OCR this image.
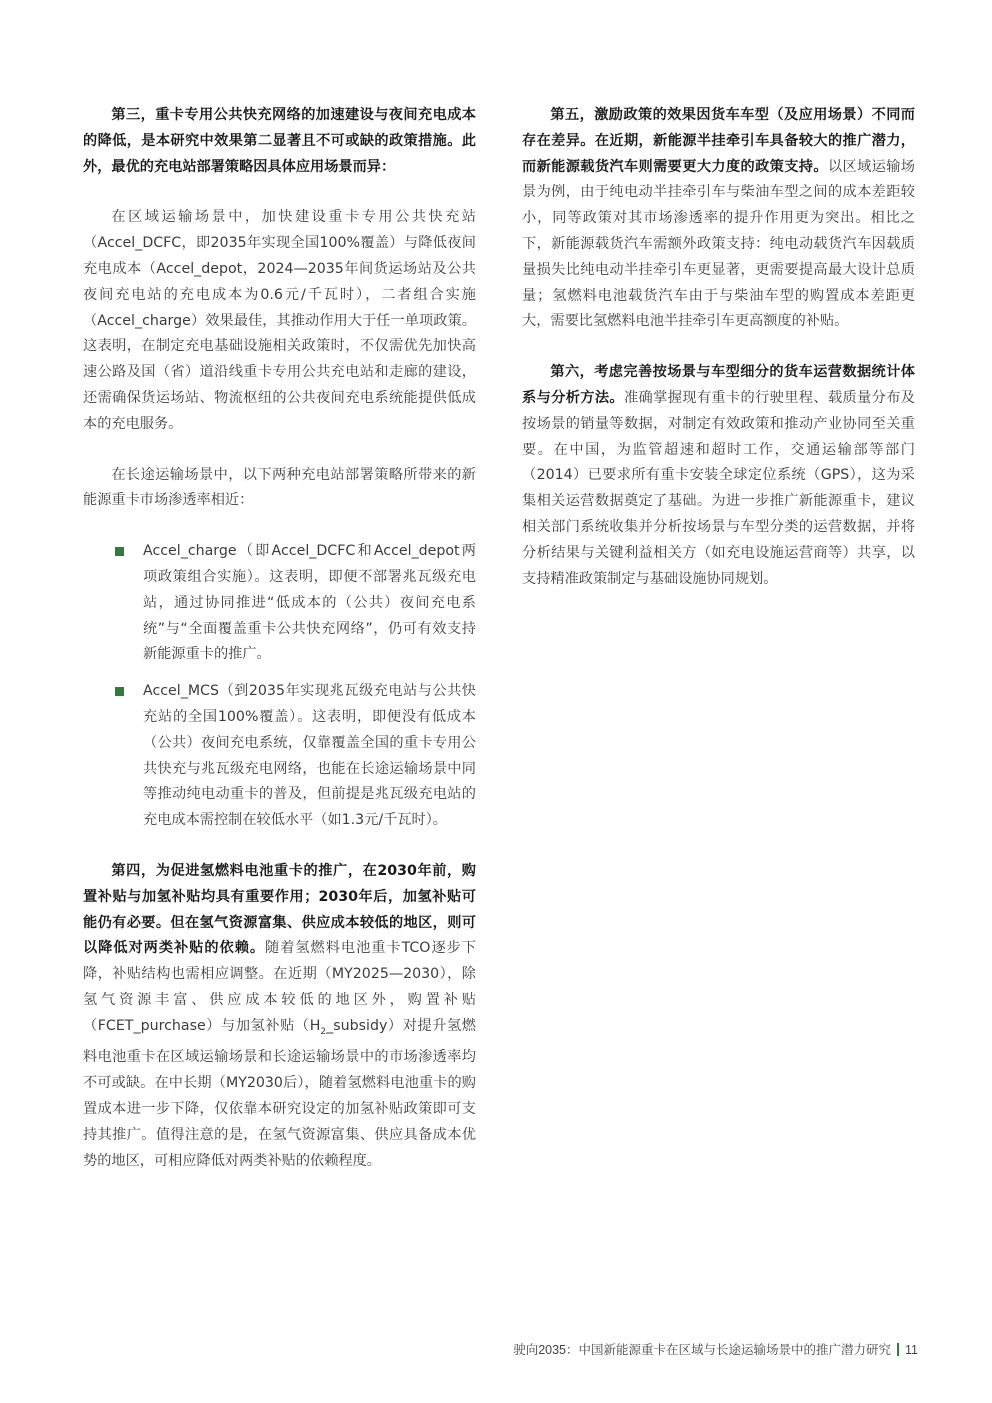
第三，重卡专用公共快充网络的加速建设与夜间充电成本的降低，是本研究中效果第二显著且不可或缺的政策措施。此外，最优的充电站部署策略因具体应用场景而异：

在区域运输场景中，加快建设重卡专用公共快充站（Accel_DCFC，即2035年实现全国100%覆盖）与降低夜间充电成本（Accel_depot，2024—2035年间货运场站及公共夜间充电站的充电成本为0.6元/千瓦时），二者组合实施（Accel_charge）效果最佳，其推动作用大于任一单项政策。这表明，在制定充电基础设施相关政策时，不仅需优先加快高速公路及国（省）道沿线重卡专用公共充电站和走廊的建设，还需确保货运场站、物流枢纽的公共夜间充电系统能提供低成本的充电服务。

在长途运输场景中，以下两种充电站部署策略所带来的新能源重卡市场渗透率相近：

Accel_charge（即Accel_DCFC和Accel_depot两项政策组合实施）。这表明，即便不部署兆瓦级充电站，通过协同推进“低成本的（公共）夜间充电系统”与“全面覆盖重卡公共快充网络”，仍可有效支持新能源重卡的推广。
Accel_MCS（到2035年实现兆瓦级充电站与公共快充站的全国100%覆盖）。这表明，即便没有低成本（公共）夜间充电系统，仅靠覆盖全国的重卡专用公共快充与兆瓦级充电网络，也能在长途运输场景中同等推动纯电动重卡的普及，但前提是兆瓦级充电站的充电成本需控制在较低水平（如1.3元/千瓦时）。

第四，为促进氢燃料电池重卡的推广，在2030年前，购置补贴与加氢补贴均具有重要作用；2030年后，加氢补贴可能仍有必要。但在氢气资源富集、供应成本较低的地区，则可以降低对两类补贴的依赖。随着氢燃料电池重卡TCO逐步下降，补贴结构也需相应调整。在近期（MY2025—2030），除氢气资源丰富、供应成本较低的地区外，购置补贴（FCET_purchase）与加氢补贴$(H_2\_subsidy)$对提升氢燃料电池重卡在区域运输场景和长途运输场景中的市场渗透率均不可或缺。在中长期（MY2030后），随着氢燃料电池重卡的购置成本进一步下降，仅依靠本研究设定的加氢补贴政策即可支持其推广。值得注意的是，在氢气资源富集、供应具备成本优势的地区，可相应降低对两类补贴的依赖程度。

第五，激励政策的效果因货车车型（及应用场景）不同而存在差异。在近期，新能源半挂牵引车具备较大的推广潜力，而新能源载货汽车则需要更大力度的政策支持。以区域运输场景为例，由于纯电动半挂牵引车与柴油车型之间的成本差距较小，同等政策对其市场渗透率的提升作用更为突出。相比之下，新能源载货汽车需额外政策支持：纯电动载货汽车因载质量损失比纯电动半挂牵引车更显著，更需要提高最大设计总质量；氢燃料电池载货汽车由于与柴油车型的购置成本差距更大，需要比氢燃料电池半挂牵引车更高额度的补贴。

第六，考虑完善按场景与车型细分的货车运营数据统计体系与分析方法。准确掌握现有重卡的行驶里程、载质量分布及按场景的销量等数据，对制定有效政策和推动产业协同至关重要。在中国，为监管超速和超时工作，交通运输部等部门（2014）已要求所有重卡安装全球定位系统（GPS），这为采集相关运营数据奠定了基础。为进一步推广新能源重卡，建议相关部门系统收集并分析按场景与车型分类的运营数据，并将分析结果与关键利益相关方（如充电设施运营商等）共享，以支持精准政策制定与基础设施协同规划。

驶向2035：中国新能源重卡在区域与长途运输场景中的推广潜力研究 11
